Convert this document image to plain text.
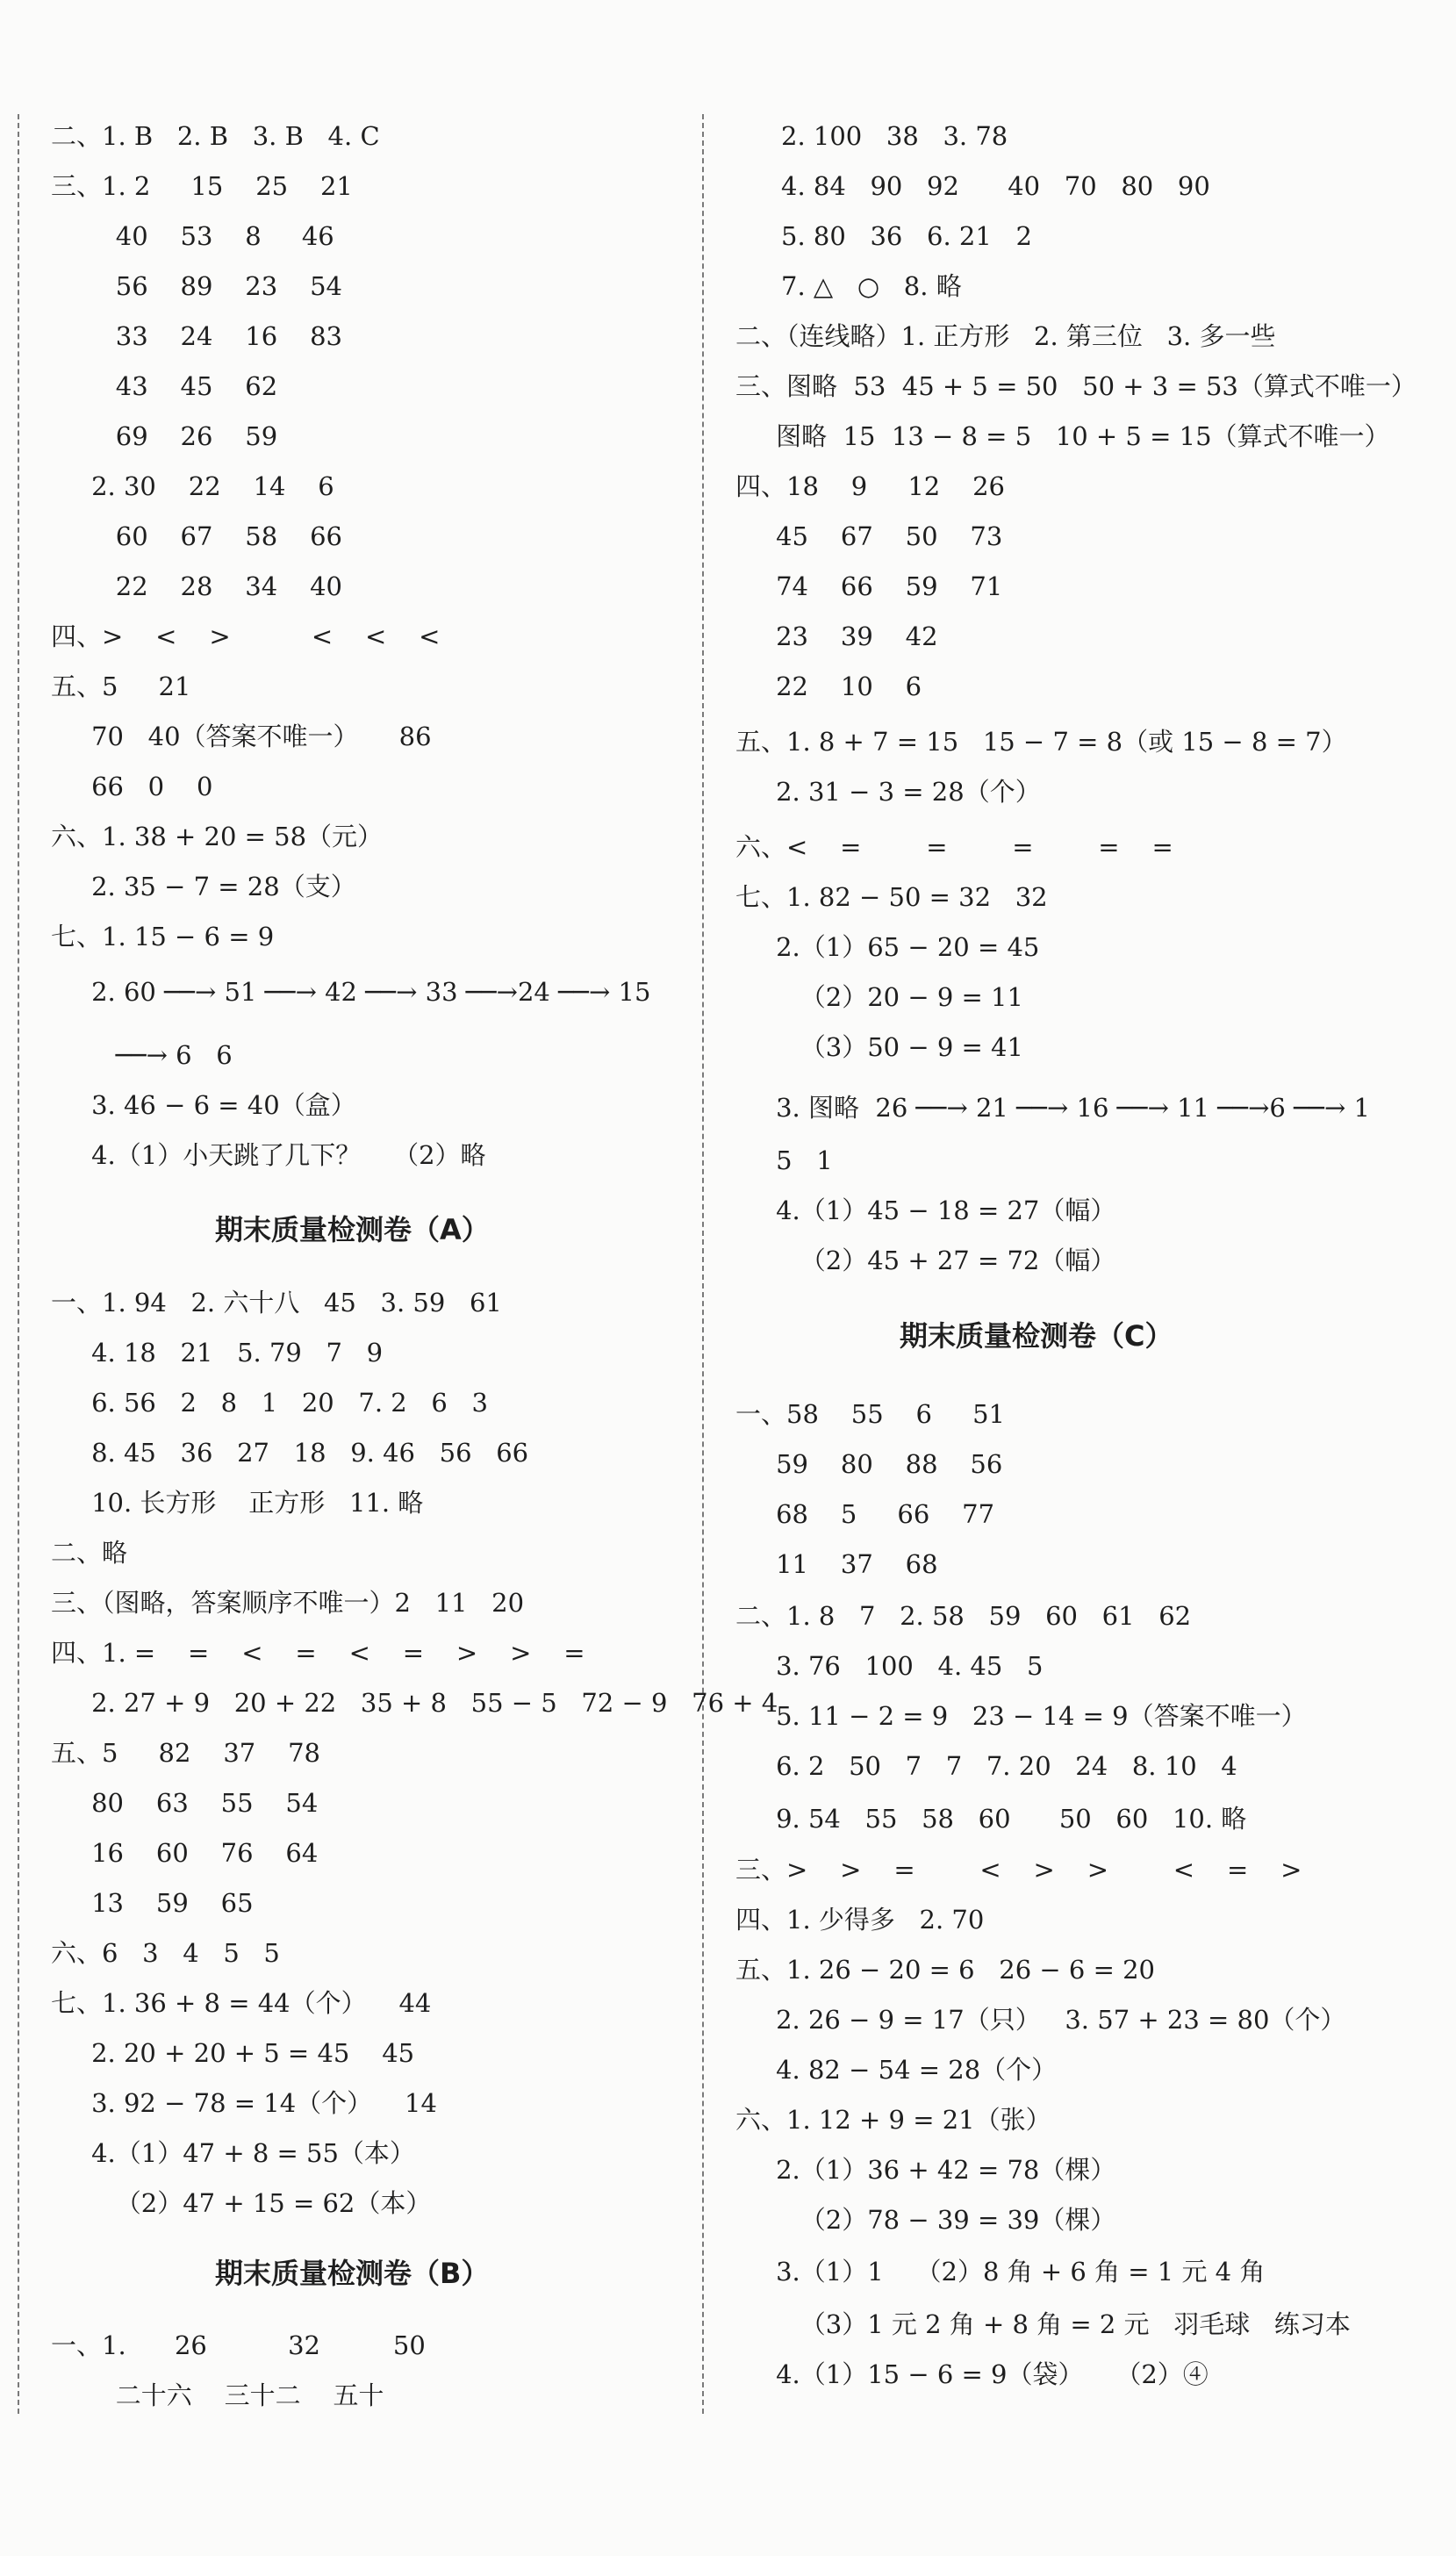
二、1. B   2. B   3. B   4. C
三、1. 2     15    25    21
40    53    8     46
56    89    23    54
33    24    16    83
43    45    62
69    26    59
2. 30    22    14    6
60    67    58    66
22    28    34    40
四、>    <    >          <    <    <
五、5     21
70   40（答案不唯一）     86
66   0    0
六、1. 38 + 20 = 58（元）
2. 35 − 7 = 28（支）
七、1. 15 − 6 = 9
2. 60 ──→ 51 ──→ 42 ──→ 33 ──→24 ──→ 15
──→ 6   6
3. 46 − 6 = 40（盒）
4.（1）小天跳了几下？    （2）略
期末质量检测卷（A）
一、1. 94   2. 六十八   45   3. 59   61
4. 18   21   5. 79   7   9
6. 56   2   8   1   20   7. 2   6   3
8. 45   36   27   18   9. 46   56   66
10. 长方形    正方形   11. 略
二、略
三、（图略，答案顺序不唯一）2   11   20
四、1. =    =    <    =    <    =    >    >    =
2. 27 + 9   20 + 22   35 + 8   55 − 5   72 − 9   76 + 4
五、5     82    37    78
80    63    55    54
16    60    76    64
13    59    65
六、6   3   4   5   5
七、1. 36 + 8 = 44（个）    44
2. 20 + 20 + 5 = 45    45
3. 92 − 78 = 14（个）    14
4.（1）47 + 8 = 55（本）
（2）47 + 15 = 62（本）
期末质量检测卷（B）
一、1.      26          32         50
二十六    三十二    五十
2. 100   38   3. 78
4. 84   90   92      40   70   80   90
5. 80   36   6. 21   2
7. △   ○   8. 略
二、（连线略）1. 正方形   2. 第三位   3. 多一些
三、图略  53  45 + 5 = 50   50 + 3 = 53（算式不唯一）
图略  15  13 − 8 = 5   10 + 5 = 15（算式不唯一）
四、18    9     12    26
45    67    50    73
74    66    59    71
23    39    42
22    10    6
五、1. 8 + 7 = 15   15 − 7 = 8（或 15 − 8 = 7）
2. 31 − 3 = 28（个）
六、<    =        =        =        =    =
七、1. 82 − 50 = 32   32
2.（1）65 − 20 = 45
（2）20 − 9 = 11
（3）50 − 9 = 41
3. 图略  26 ──→ 21 ──→ 16 ──→ 11 ──→6 ──→ 1
5   1
4.（1）45 − 18 = 27（幅）
（2）45 + 27 = 72（幅）
期末质量检测卷（C）
一、58    55    6     51
59    80    88    56
68    5     66    77
11    37    68
二、1. 8   7   2. 58   59   60   61   62
3. 76   100   4. 45   5
5. 11 − 2 = 9   23 − 14 = 9（答案不唯一）
6. 2   50   7   7   7. 20   24   8. 10   4
9. 54   55   58   60      50   60   10. 略
三、>    >    =        <    >    >        <    =    >
四、1. 少得多   2. 70
五、1. 26 − 20 = 6   26 − 6 = 20
2. 26 − 9 = 17（只）   3. 57 + 23 = 80（个）
4. 82 − 54 = 28（个）
六、1. 12 + 9 = 21（张）
2.（1）36 + 42 = 78（棵）
（2）78 − 39 = 39（棵）
3.（1）1    （2）8 角 + 6 角 = 1 元 4 角
（3）1 元 2 角 + 8 角 = 2 元   羽毛球   练习本
4.（1）15 − 6 = 9（袋）    （2）④
